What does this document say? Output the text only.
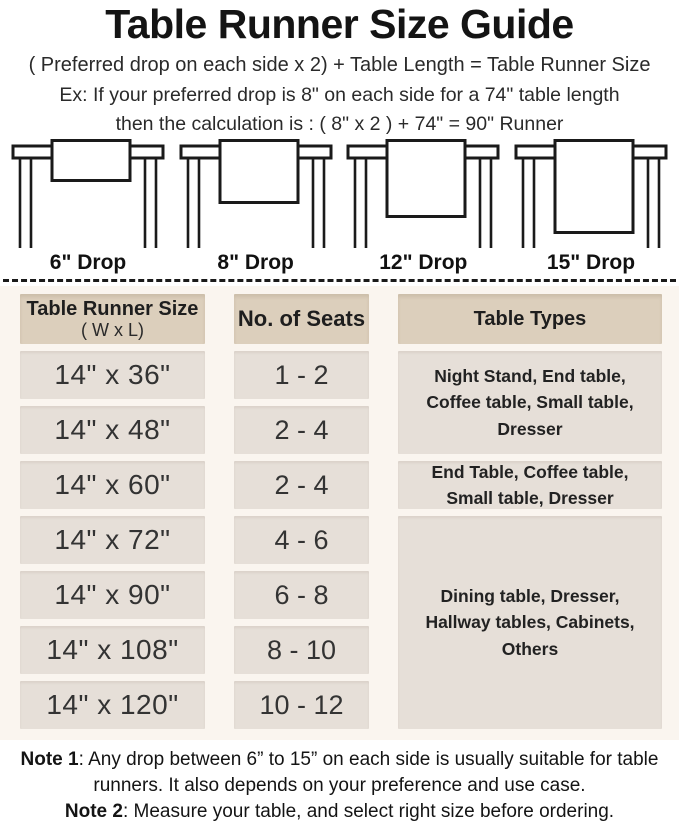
Table Runner Size Guide
( Preferred drop on each side x 2) + Table Length = Table Runner Size
Ex: If your preferred drop is 8" on each side for a 74" table length
then the calculation is : ( 8" x 2 ) + 74" = 90" Runner
6" Drop	8" Drop	12" Drop	15" Drop
Table Runner Size
( W x L)	No. of Seats	Table Types
14" x 36"	1 - 2	Night Stand, End table, Coffee table, Small table, Dresser
14" x 48"	2 - 4
14" x 60"	2 - 4	End Table, Coffee table, Small table, Dresser
14" x 72"	4 - 6
Dining table, Dresser, Hallway tables, Cabinets, Others
14" x 90"	6 - 8
14" x 108"	8 - 10
14" x 120"	10 - 12

Note 1: Any drop between 6” to 15” on each side is usually suitable for table runners. It also depends on your preference and use case.

Note 2: Measure your table, and select right size before ordering.
